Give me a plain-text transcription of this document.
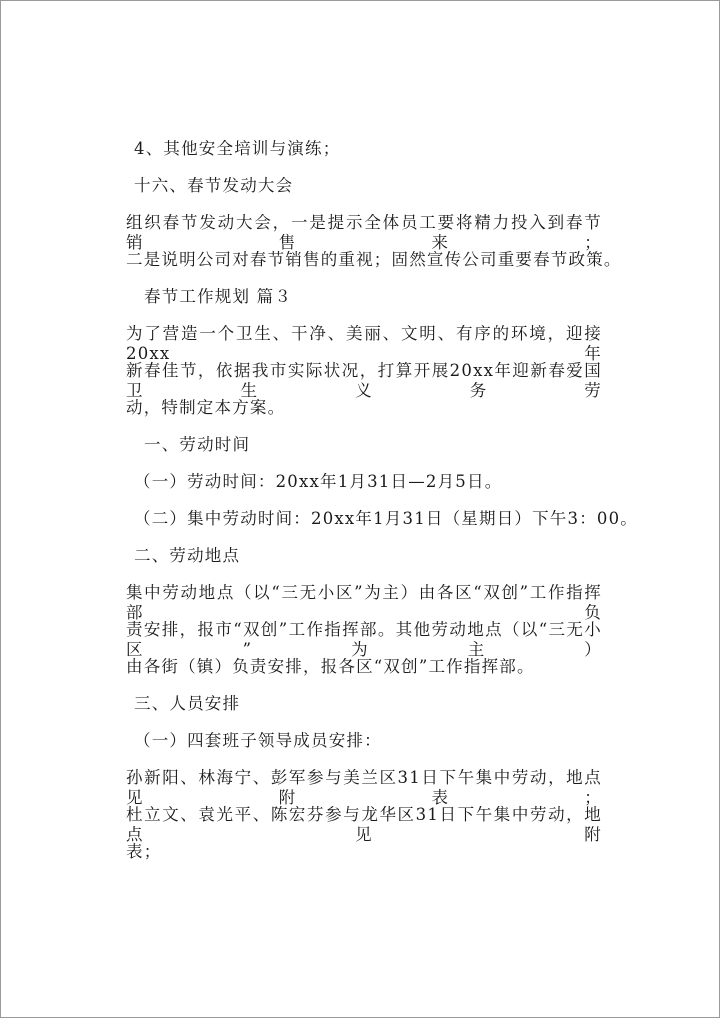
4、其他安全培训与演练；
十六、春节发动大会
组织春节发动大会，一是提示全体员工要将精力投入到春节销售来；
二是说明公司对春节销售的重视；固然宣传公司重要春节政策。
春节工作规划 篇３
为了营造一个卫生、干净、美丽、文明、有序的环境，迎接20xx年
新春佳节，依据我市实际状况，打算开展20xx年迎新春爱国卫生义务劳
动，特制定本方案。
一、劳动时间
（一）劳动时间：20xx年1月31日—2月5日。
（二）集中劳动时间：20xx年1月31日（星期日）下午3：00。
二、劳动地点
集中劳动地点（以“三无小区”为主）由各区“双创”工作指挥部负
责安排，报市“双创”工作指挥部。其他劳动地点（以“三无小区”为主）
由各街（镇）负责安排，报各区“双创”工作指挥部。
三、人员安排
（一）四套班子领导成员安排：
孙新阳、林海宁、彭军参与美兰区31日下午集中劳动，地点见附表；
杜立文、袁光平、陈宏芬参与龙华区31日下午集中劳动，地点见附
表；
